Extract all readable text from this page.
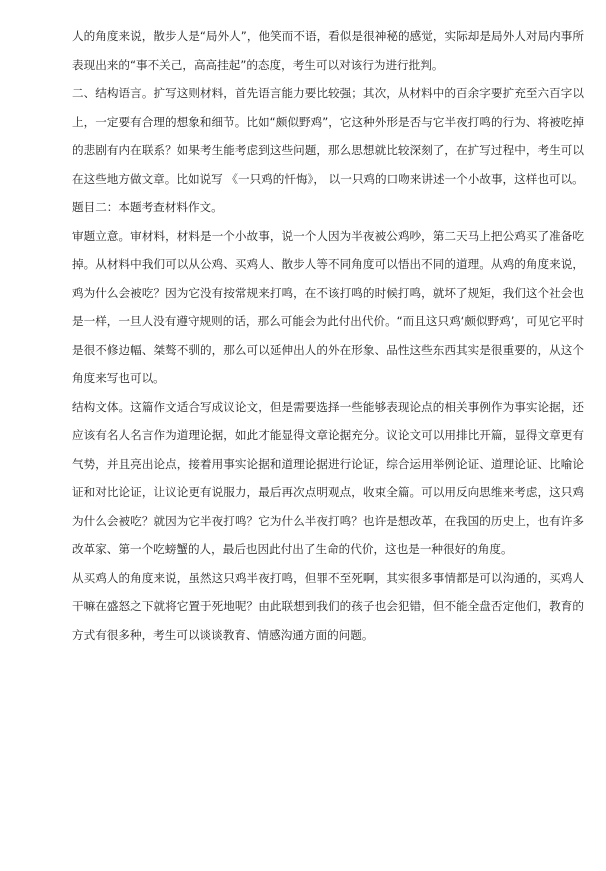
人的角度来说，散步人是“局外人”，他笑而不语，看似是很神秘的感觉，实际却是局外人对局内事所表现出来的“事不关己，高高挂起”的态度，考生可以对该行为进行批判。

二、结构语言。扩写这则材料，首先语言能力要比较强；其次，从材料中的百余字要扩充至六百字以上，一定要有合理的想象和细节。比如“颇似野鸡”，它这种外形是否与它半夜打鸣的行为、将被吃掉的悲剧有内在联系？如果考生能考虑到这些问题，那么思想就比较深刻了，在扩写过程中，考生可以在这些地方做文章。比如说写 《一只鸡的忏悔》， 以一只鸡的口吻来讲述一个小故事，这样也可以。

题目二：本题考查材料作文。

审题立意。审材料，材料是一个小故事，说一个人因为半夜被公鸡吵，第二天马上把公鸡买了准备吃掉。从材料中我们可以从公鸡、买鸡人、散步人等不同角度可以悟出不同的道理。从鸡的角度来说，鸡为什么会被吃？因为它没有按常规来打鸣，在不该打鸣的时候打鸣，就坏了规矩，我们这个社会也是一样，一旦人没有遵守规则的话，那么可能会为此付出代价。“而且这只鸡‘颇似野鸡’，可见它平时是很不修边幅、桀骜不驯的，那么可以延伸出人的外在形象、品性这些东西其实是很重要的，从这个角度来写也可以。

结构文体。这篇作文适合写成议论文，但是需要选择一些能够表现论点的相关事例作为事实论据，还应该有名人名言作为道理论据，如此才能显得文章论据充分。议论文可以用排比开篇，显得文章更有气势，并且亮出论点，接着用事实论据和道理论据进行论证，综合运用举例论证、道理论证、比喻论证和对比论证，让议论更有说服力，最后再次点明观点，收束全篇。可以用反向思维来考虑，这只鸡为什么会被吃？就因为它半夜打鸣？它为什么半夜打鸣？也许是想改革，在我国的历史上，也有许多改革家、第一个吃螃蟹的人，最后也因此付出了生命的代价，这也是一种很好的角度。

从买鸡人的角度来说，虽然这只鸡半夜打鸣，但罪不至死啊，其实很多事情都是可以沟通的，买鸡人干嘛在盛怒之下就将它置于死地呢？由此联想到我们的孩子也会犯错，但不能全盘否定他们，教育的方式有很多种，考生可以谈谈教育、情感沟通方面的问题。
